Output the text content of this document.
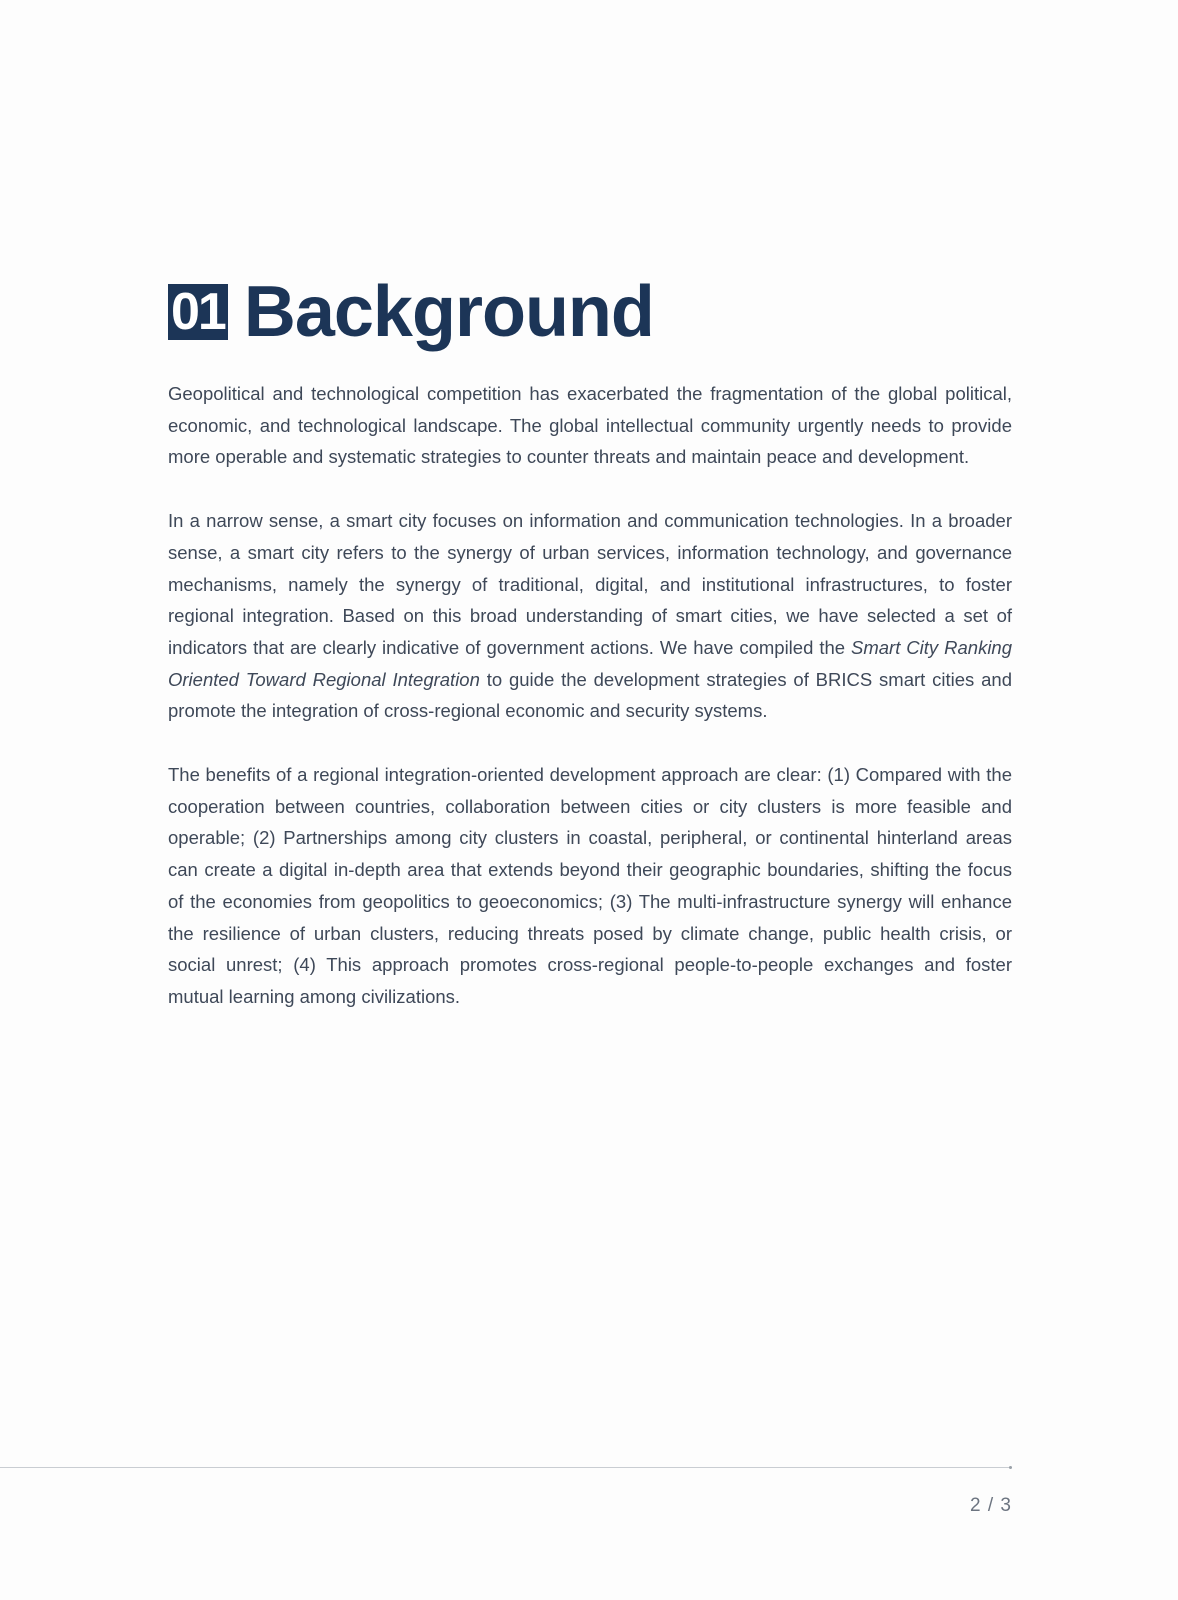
01 Background

Geopolitical and technological competition has exacerbated the fragmentation of the global political, economic, and technological landscape. The global intellectual community urgently needs to provide more operable and systematic strategies to counter threats and maintain peace and development.

In a narrow sense, a smart city focuses on information and communication technologies. In a broader sense, a smart city refers to the synergy of urban services, information technology, and governance mechanisms, namely the synergy of traditional, digital, and institutional infrastructures, to foster regional integration. Based on this broad understanding of smart cities, we have selected a set of indicators that are clearly indicative of government actions. We have compiled the Smart City Ranking Oriented Toward Regional Integration to guide the development strategies of BRICS smart cities and promote the integration of cross-regional economic and security systems.

The benefits of a regional integration-oriented development approach are clear: (1) Compared with the cooperation between countries, collaboration between cities or city clusters is more feasible and operable; (2) Partnerships among city clusters in coastal, peripheral, or continental hinterland areas can create a digital in-depth area that extends beyond their geographic boundaries, shifting the focus of the economies from geopolitics to geoeconomics; (3) The multi-infrastructure synergy will enhance the resilience of urban clusters, reducing threats posed by climate change, public health crisis, or social unrest; (4) This approach promotes cross-regional people-to-people exchanges and foster mutual learning among civilizations.

2 / 3
